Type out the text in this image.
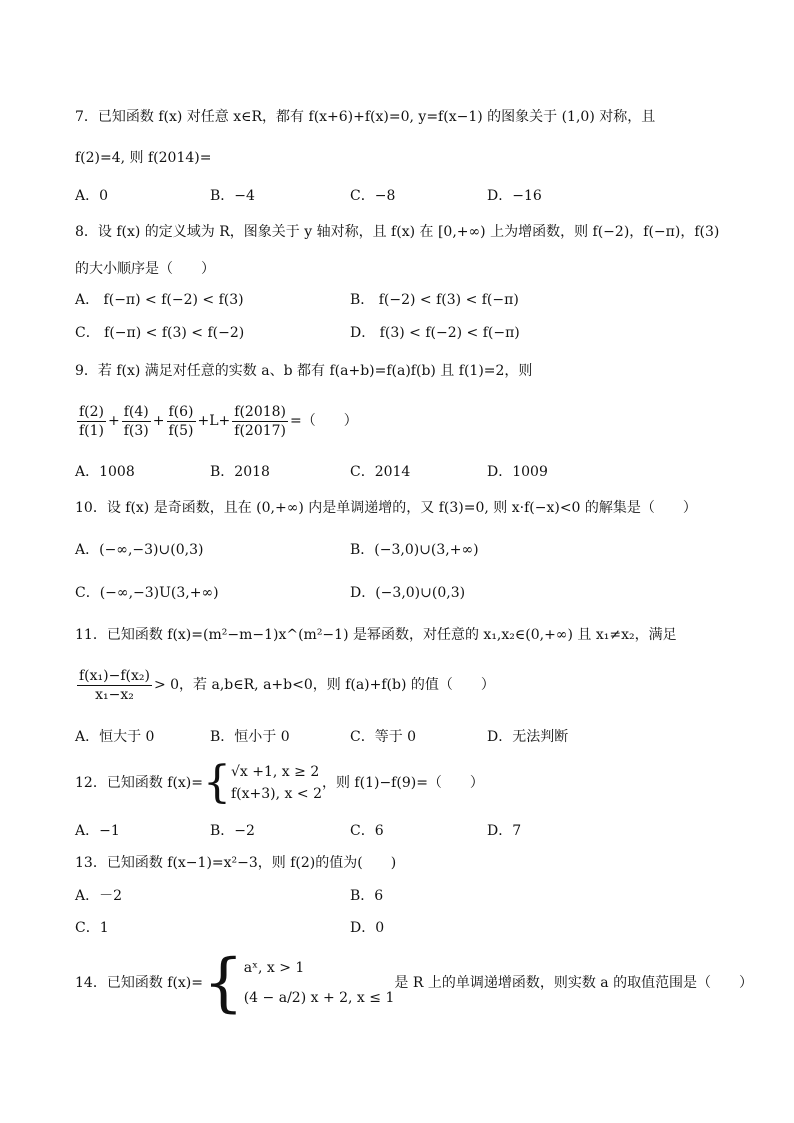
7．已知函数 f(x) 对任意 x∈R，都有 f(x+6)+f(x)=0, y=f(x−1) 的图象关于 (1,0) 对称，且
f(2)=4, 则 f(2014)=
A．0	B．−4	C．−8	D．−16
8．设 f(x) 的定义域为 R，图象关于 y 轴对称，且 f(x) 在 [0,+∞) 上为增函数，则 f(−2)，f(−π)，f(3)
的大小顺序是（　　）
A． f(−π) < f(−2) < f(3)	B． f(−2) < f(3) < f(−π)
C． f(−π) < f(3) < f(−2)	D． f(3) < f(−2) < f(−π)
9．若 f(x) 满足对任意的实数 a、b 都有 f(a+b)=f(a)f(b) 且 f(1)=2，则
$\frac{f(2)}{f(1)} + \frac{f(4)}{f(3)} + \frac{f(6)}{f(5)} +L+ \frac{f(2018)}{f(2017)}$ =（　　）
A．1008	B．2018	C．2014	D．1009
10．设 f(x) 是奇函数，且在 (0,+∞) 内是单调递增的，又 f(3)=0, 则 x·f(−x)<0 的解集是（　　）
A．(−∞,−3)∪(0,3)	B．(−3,0)∪(3,+∞)
C．(−∞,−3)U(3,+∞)	D．(−3,0)∪(0,3)
11．已知函数 f(x)=(m²−m−1)x^(m²−1) 是幂函数，对任意的 x₁,x₂∈(0,+∞) 且 x₁≠x₂，满足
$\frac{\text{f(x₁)−f(x₂)}}{\text{x₁−x₂}} > 0$，若 a,b∈R, a+b<0，则 f(a)+f(b) 的值（　　）
A．恒大于 0	B．恒小于 0	C．等于 0	D．无法判断
12．已知函数 f(x)={ √x +1, x ≥ 2
f(x+3), x < 2
，则 f(1)−f(9)=（　　）
A．−1	B．−2	C．6	D．7
13．已知函数 f(x−1)=x²−3，则 f(2)的值为(　　)
A．－2	B．6
C．1	D．0
14．已知函数 f(x)={ aˣ, x > 1
(4 − a/2) x + 2, x ≤ 1
是 R 上的单调递增函数，则实数 a 的取值范围是（　　）
